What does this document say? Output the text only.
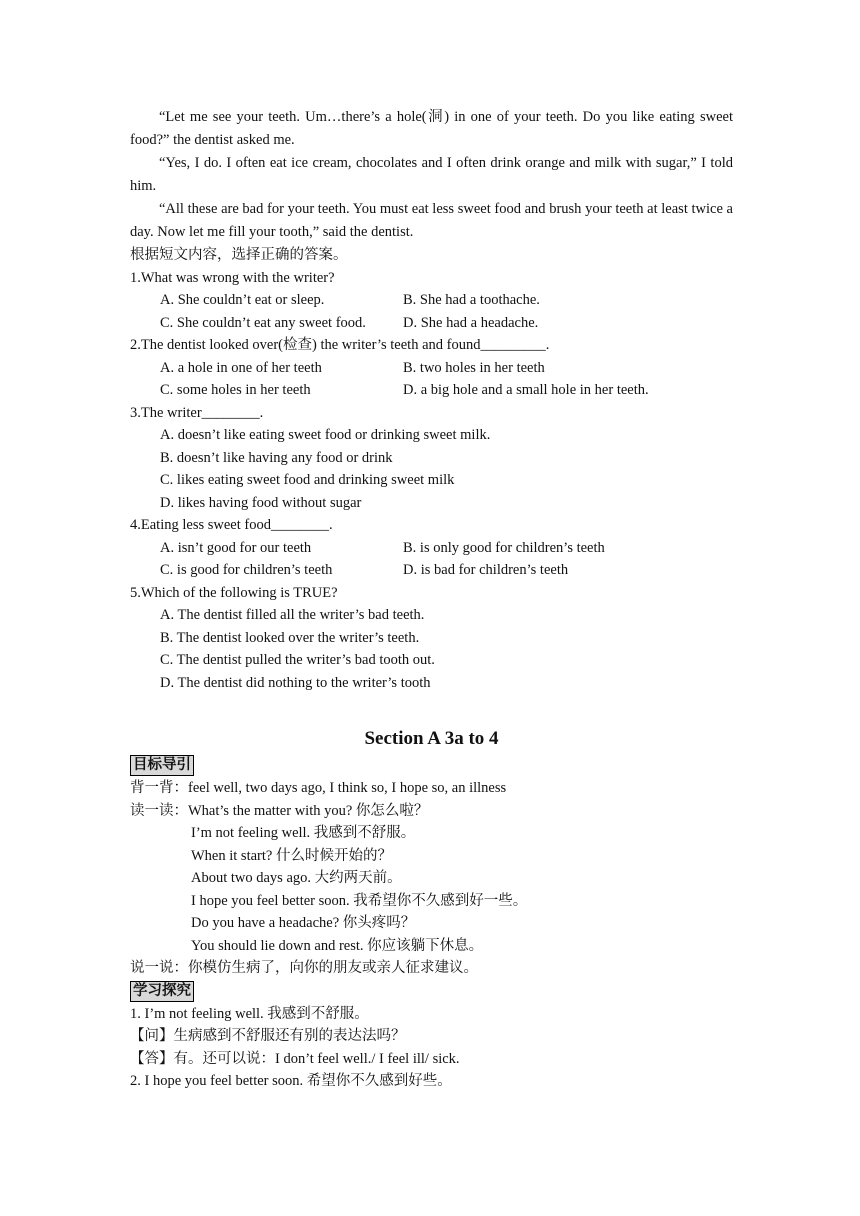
“Let me see your teeth. Um…there’s a hole(洞) in one of your teeth. Do you like eating sweet food?” the dentist asked me.

“Yes, I do. I often eat ice cream, chocolates and I often drink orange and milk with sugar,” I told him.

“All these are bad for your teeth. You must eat less sweet food and brush your teeth at least twice a day. Now let me fill your tooth,” said the dentist.

根据短文内容，选择正确的答案。
1.What was wrong with the writer?
A. She couldn’t eat or sleep.	B. She had a toothache.
C. She couldn’t eat any sweet food.	D. She had a headache.
2.The dentist looked over(检查) the writer’s teeth and found_________.
A. a hole in one of her teeth	B. two holes in her teeth
C. some holes in her teeth	D. a big hole and a small hole in her teeth.
3.The writer________.
A. doesn’t like eating sweet food or drinking sweet milk.
B. doesn’t like having any food or drink
C. likes eating sweet food and drinking sweet milk
D. likes having food without sugar
4.Eating less sweet food________.
A. isn’t good for our teeth	B. is only good for children’s teeth
C. is good for children’s teeth	D. is bad for children’s teeth
5.Which of the following is TRUE?
A. The dentist filled all the writer’s bad teeth.
B. The dentist looked over the writer’s teeth.
C. The dentist pulled the writer’s bad tooth out.
D. The dentist did nothing to the writer’s tooth
Section A 3a to 4
目标导引
背一背：feel well, two days ago, I think so, I hope so, an illness
读一读：What’s the matter with you? 你怎么啦？
I’m not feeling well. 我感到不舒服。
When it start? 什么时候开始的？
About two days ago. 大约两天前。
I hope you feel better soon. 我希望你不久感到好一些。
Do you have a headache? 你头疼吗？
You should lie down and rest. 你应该躺下休息。
说一说：你模仿生病了，向你的朋友或亲人征求建议。
学习探究
1. I’m not feeling well. 我感到不舒服。
【问】生病感到不舒服还有别的表达法吗？
【答】有。还可以说：I don’t feel well./ I feel ill/ sick.
2. I hope you feel better soon. 希望你不久感到好些。
